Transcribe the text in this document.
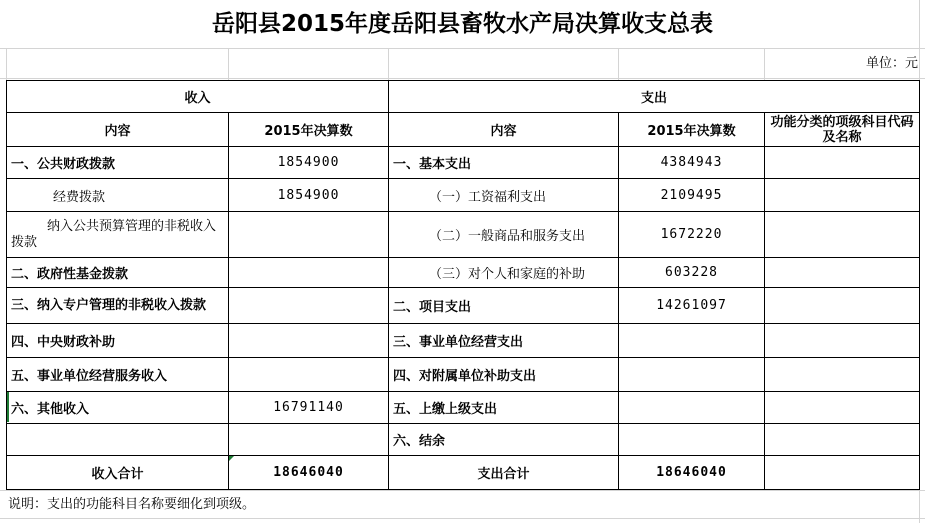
岳阳县2015年度岳阳县畜牧水产局决算收支总表
单位：元
收入		支出		
内容	2015年决算数	内容	2015年决算数	功能分类的项级科目代码及名称
一、公共财政拨款	1854900	一、基本支出	4384943	
经费拨款	1854900	（一）工资福利支出	2109495	
纳入公共预算管理的非税收入拨款		（二）一般商品和服务支出	1672220	
二、政府性基金拨款		（三）对个人和家庭的补助	603228	
三、纳入专户管理的非税收入拨款		二、项目支出	14261097	
四、中央财政补助		三、事业单位经营支出		
五、事业单位经营服务收入		四、对附属单位补助支出		
六、其他收入	16791140	五、上缴上级支出		
		六、结余		
收入合计	18646040	支出合计	18646040	
说明：支出的功能科目名称要细化到项级。
